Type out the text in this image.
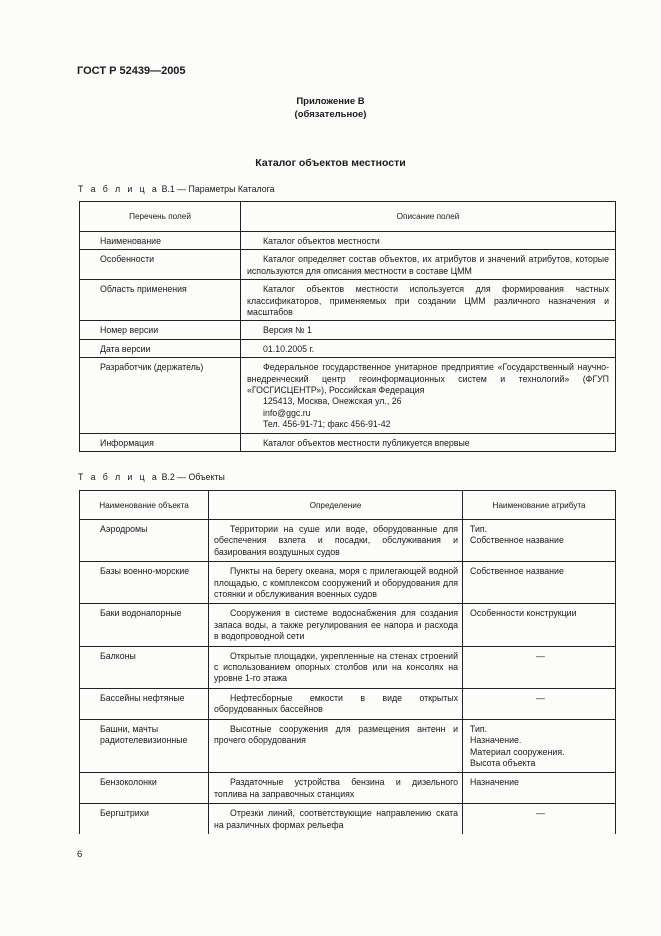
ГОСТ Р 52439—2005
Приложение В
(обязательное)
Каталог объектов местности
Т а б л и ц а В.1 — Параметры Каталога
Перечень полей	Описание полей
Наименование	Каталог объектов местности

Особенности	Каталог определяет состав объектов, их атрибутов и значений атрибутов, которые используются для описания местности в составе ЦММ

Область применения	Каталог объектов местности используется для формирования частных классификаторов, применяемых при создании ЦММ различного назначения и масштабов

Номер версии	Версия № 1

Дата версии	01.10.2005 г.

Разработчик (держатель)	Федеральное государственное унитарное предприятие «Государственный научно-внедренческий центр геоинформационных систем и технологий» (ФГУП «ГОСГИСЦЕНТР»), Российская Федерация

125413, Москва, Онежская ул., 26

info@ggc.ru

Тел. 456-91-71; факс 456-91-42

Информация	Каталог объектов местности публикуется впервые

Т а б л и ц а В.2 — Объекты
Наименование объекта	Определение	Наименование атрибута
Аэродромы	Территории на суше или воде, оборудованные для обеспечения взлета и посадки, обслуживания и базирования воздушных судов	Тип.
Собственное название

Базы военно-морские	Пункты на берегу океана, моря с прилегающей водной площадью, с комплексом сооружений и оборудования для стоянки и обслуживания военных судов	Собственное название

Баки водонапорные	Сооружения в системе водоснабжения для создания запаса воды, а также регулирования ее напора и расхода в водопроводной сети	Особенности конструкции

Балконы	Открытые площадки, укрепленные на стенах строений с использованием опорных столбов или на консолях на уровне 1-го этажа	—

Бассейны нефтяные	Нефтесборные емкости в виде открытых оборудованных бассейнов	—

Башни, мачты радиотелевизионные	Высотные сооружения для размещения антенн и прочего оборудования	Тип.
Назначение.
Материал сооружения.
Высота объекта

Бензоколонки	Раздаточные устройства бензина и дизельного топлива на заправочных станциях	Назначение

Бергштрихи	Отрезки линий, соответствующие направлению ската на различных формах рельефа	—
6
